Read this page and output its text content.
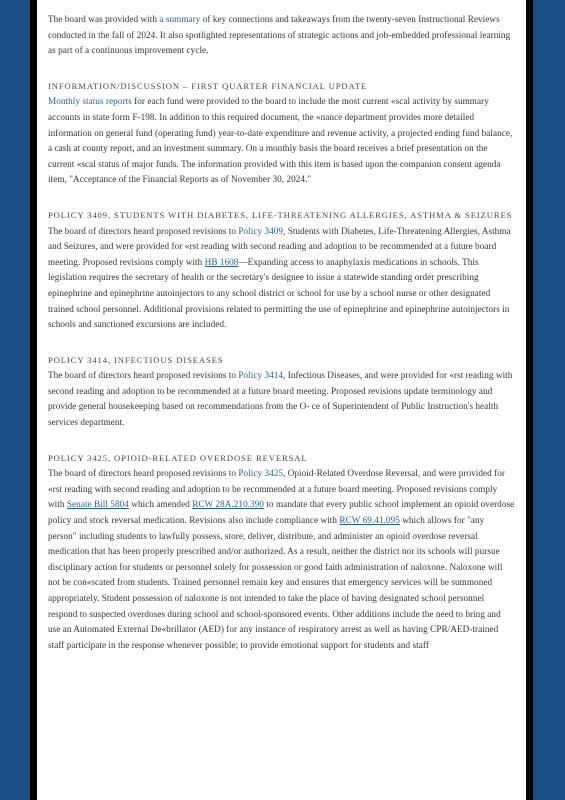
The board was provided with a summary of key connections and takeaways from the twenty-seven Instructional Reviews conducted in the fall of 2024. It also spotlighted representations of strategic actions and job-embedded professional learning as part of a continuous improvement cycle.

INFORMATION/DISCUSSION – FIRST QUARTER FINANCIAL UPDATE

Monthly status reports for each fund were provided to the board to include the most current «scal activity by summary accounts in state form F-198. In addition to this required document, the «nance department provides more detailed information on general fund (operating fund) year-to-date expenditure and revenue activity, a projected ending fund balance, a cash at county report, and an investment summary. On a monthly basis the board receives a brief presentation on the current «scal status of major funds. The information provided with this item is based upon the companion consent agenda item, "Acceptance of the Financial Reports as of November 30, 2024."

POLICY 3409, STUDENTS WITH DIABETES, LIFE-THREATENING ALLERGIES, ASTHMA & SEIZURES

The board of directors heard proposed revisions to Policy 3409, Students with Diabetes, Life-Threatening Allergies, Asthma and Seizures, and were provided for «rst reading with second reading and adoption to be recommended at a future board meeting. Proposed revisions comply with HB 1608—Expanding access to anaphylaxis medications in schools. This legislation requires the secretary of health or the secretary's designee to issue a statewide standing order prescribing epinephrine and epinephrine autoinjectors to any school district or school for use by a school nurse or other designated trained school personnel. Additional provisions related to permitting the use of epinephrine and epinephrine autoinjectors in schools and sanctioned excursions are included.

POLICY 3414, INFECTIOUS DISEASES

The board of directors heard proposed revisions to Policy 3414, Infectious Diseases, and were provided for «rst reading with second reading and adoption to be recommended at a future board meeting. Proposed revisions update terminology and provide general housekeeping based on recommendations from the O- ce of Superintendent of Public Instruction's health services department.

POLICY 3425, OPIOID-RELATED OVERDOSE REVERSAL

The board of directors heard proposed revisions to Policy 3425, Opioid-Related Overdose Reversal, and were provided for «rst reading with second reading and adoption to be recommended at a future board meeting. Proposed revisions comply with Senate Bill 5804 which amended RCW 28A.210.390 to mandate that every public school implement an opioid overdose policy and stock reversal medication. Revisions also include compliance with RCW 69.41.095 which allows for "any person" including students to lawfully possess, store, deliver, distribute, and administer an opioid overdose reversal medication that has been properly prescribed and/or authorized. As a result, neither the district nor its schools will pursue disciplinary action for students or personnel solely for possession or good faith administration of naloxone. Naloxone will not be con«scated from students. Trained personnel remain key and ensures that emergency services will be summoned appropriately. Student possession of naloxone is not intended to take the place of having designated school personnel respond to suspected overdoses during school and school-sponsored events. Other additions include the need to bring and use an Automated External De«brillator (AED) for any instance of respiratory arrest as well as having CPR/AED-trained staff participate in the response whenever possible; to provide emotional support for students and staff
